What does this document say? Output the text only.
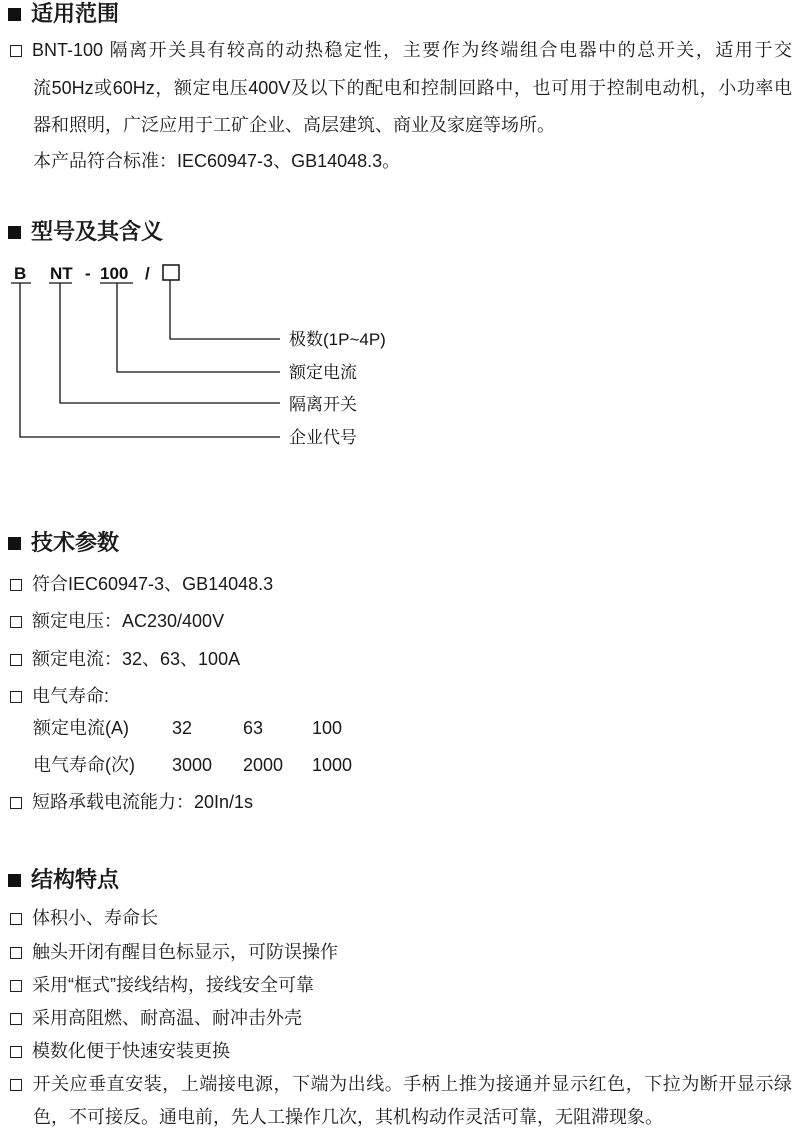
适用范围
BNT-100 隔离开关具有较高的动热稳定性，主要作为终端组合电器中的总开关，适用于交
流50Hz或60Hz，额定电压400V及以下的配电和控制回路中，也可用于控制电动机，小功率电
器和照明，广泛应用于工矿企业、高层建筑、商业及家庭等场所。
本产品符合标准：IEC60947-3、GB14048.3。
型号及其含义
B NT - 100 /
极数(1P~4P)
额定电流
隔离开关
企业代号
技术参数
符合IEC60947-3、GB14048.3
额定电压：AC230/400V
额定电流：32、63、100A
电气寿命:
额定电流(A) 32	63	100
电气寿命(次) 3000 2000 1000
短路承载电流能力：20In/1s
结构特点
体积小、寿命长
触头开闭有醒目色标显示，可防误操作
采用“框式”接线结构，接线安全可靠
采用高阻燃、耐高温、耐冲击外壳
模数化便于快速安装更换
开关应垂直安装，上端接电源，下端为出线。手柄上推为接通并显示红色，下拉为断开显示绿
色，不可接反。通电前，先人工操作几次，其机构动作灵活可靠，无阻滞现象。
